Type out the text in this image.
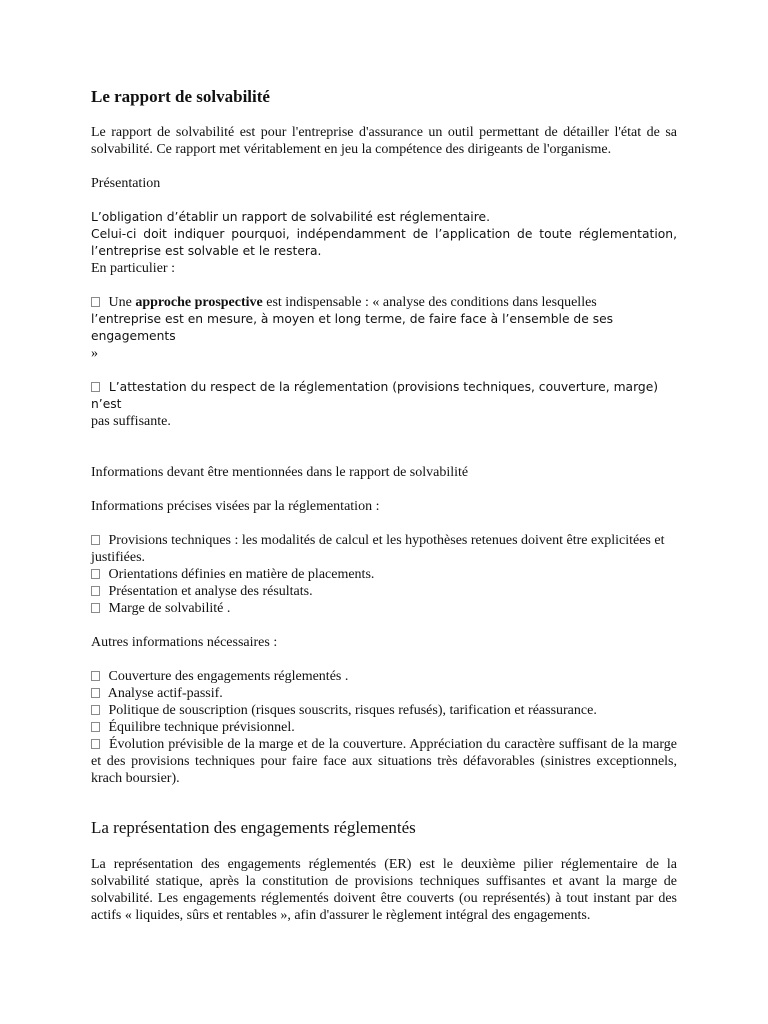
Le rapport de solvabilité

Le rapport de solvabilité est pour l'entreprise d'assurance un outil permettant de détailler l'état de sa solvabilité. Ce rapport met véritablement en jeu la compétence des dirigeants de l'organisme.

Présentation

L’obligation d’établir un rapport de solvabilité est réglementaire.

Celui-ci doit indiquer pourquoi, indépendamment de l’application de toute réglementation, l’entreprise est solvable et le restera.

En particulier :

Une approche prospective est indispensable : « analyse des conditions dans lesquelles
l’entreprise est en mesure, à moyen et long terme, de faire face à l’ensemble de ses engagements
»

L’attestation du respect de la réglementation (provisions techniques, couverture, marge) n’est
pas suffisante.

Informations devant être mentionnées dans le rapport de solvabilité

Informations précises visées par la réglementation :

Provisions techniques : les modalités de calcul et les hypothèses retenues doivent être explicitées et justifiées.

Orientations définies en matière de placements.

Présentation et analyse des résultats.

Marge de solvabilité .

Autres informations nécessaires :

Couverture des engagements réglementés .

Analyse actif-passif.

Politique de souscription (risques souscrits, risques refusés), tarification et réassurance.

Équilibre technique prévisionnel.

Évolution prévisible de la marge et de la couverture. Appréciation du caractère suffisant de la marge et des provisions techniques pour faire face aux situations très défavorables (sinistres exceptionnels, krach boursier).

La représentation des engagements réglementés

La représentation des engagements réglementés (ER) est le deuxième pilier réglementaire de la solvabilité statique, après la constitution de provisions techniques suffisantes et avant la marge de solvabilité. Les engagements réglementés doivent être couverts (ou représentés) à tout instant par des actifs « liquides, sûrs et rentables », afin d'assurer le règlement intégral des engagements.
